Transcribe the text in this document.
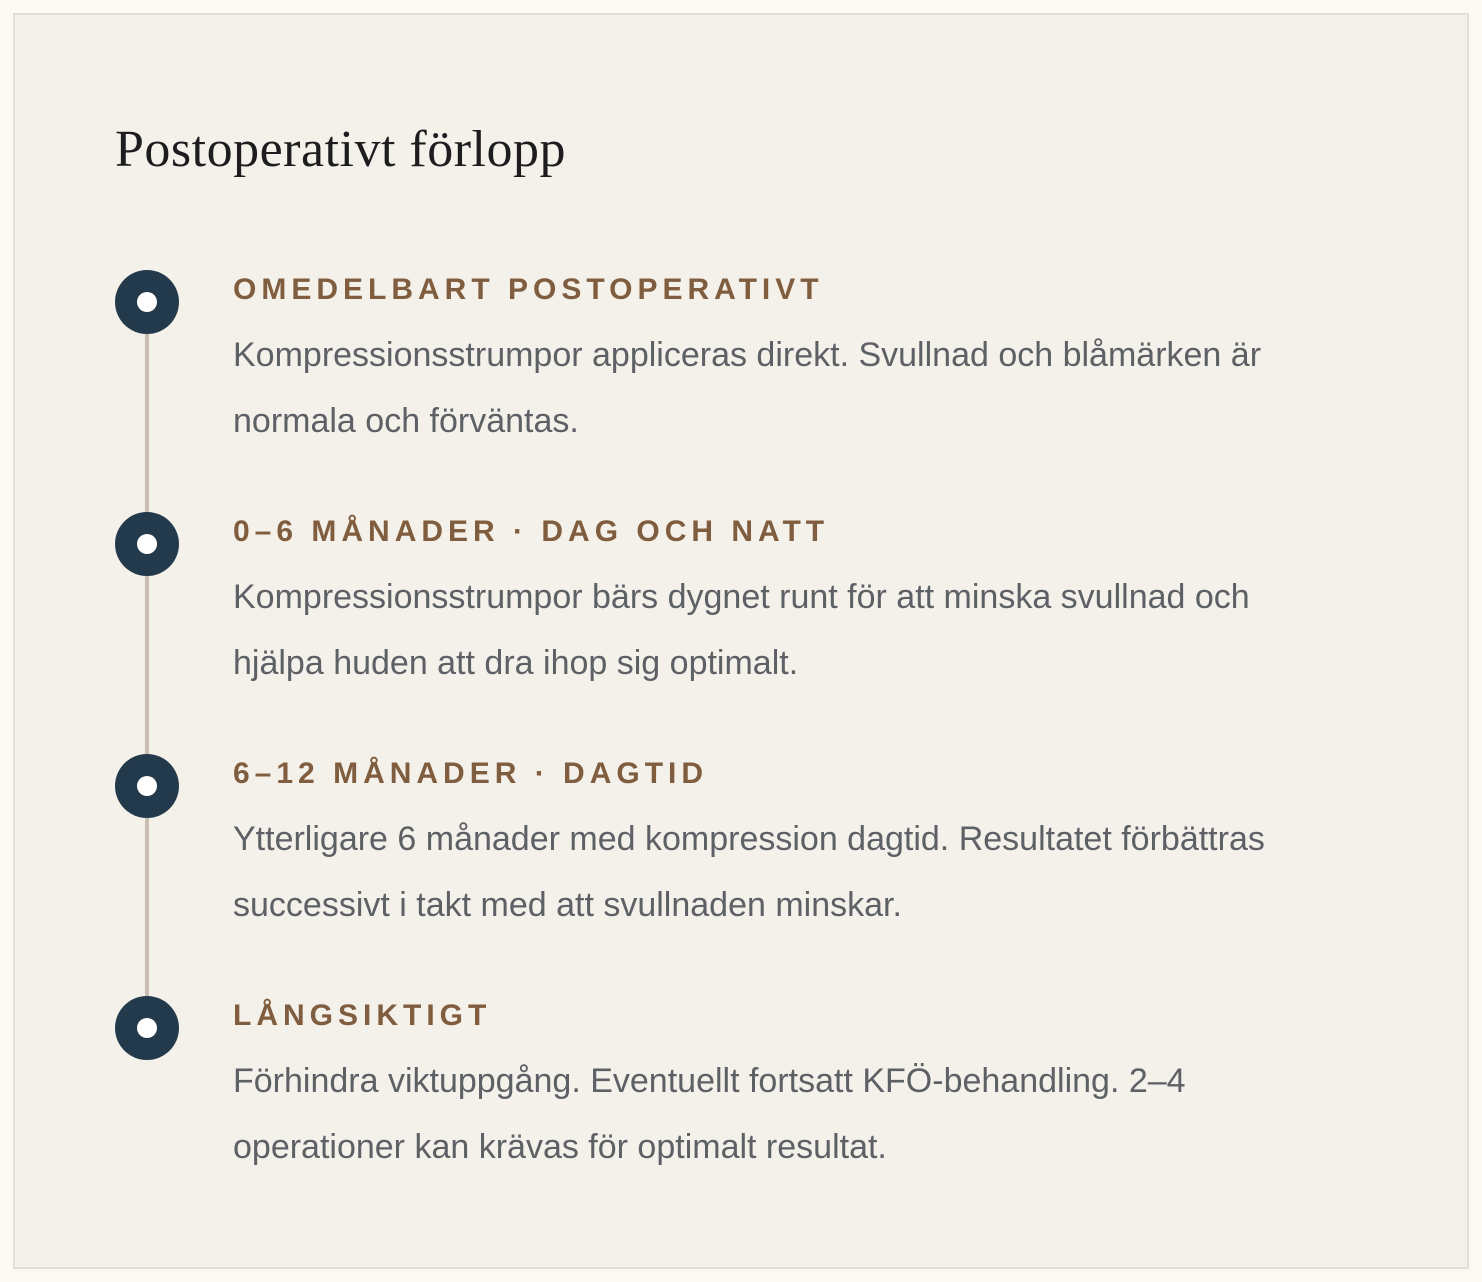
Postoperativt förlopp
OMEDELBART POSTOPERATIVT

Kompressionsstrumpor appliceras direkt. Svullnad och blåmärken är normala och förväntas.

0–6 MÅNADER · DAG OCH NATT

Kompressionsstrumpor bärs dygnet runt för att minska svullnad och hjälpa huden att dra ihop sig optimalt.

6–12 MÅNADER · DAGTID

Ytterligare 6 månader med kompression dagtid. Resultatet förbättras successivt i takt med att svullnaden minskar.

LÅNGSIKTIGT

Förhindra viktuppgång. Eventuellt fortsatt KFÖ-behandling. 2–4 operationer kan krävas för optimalt resultat.
